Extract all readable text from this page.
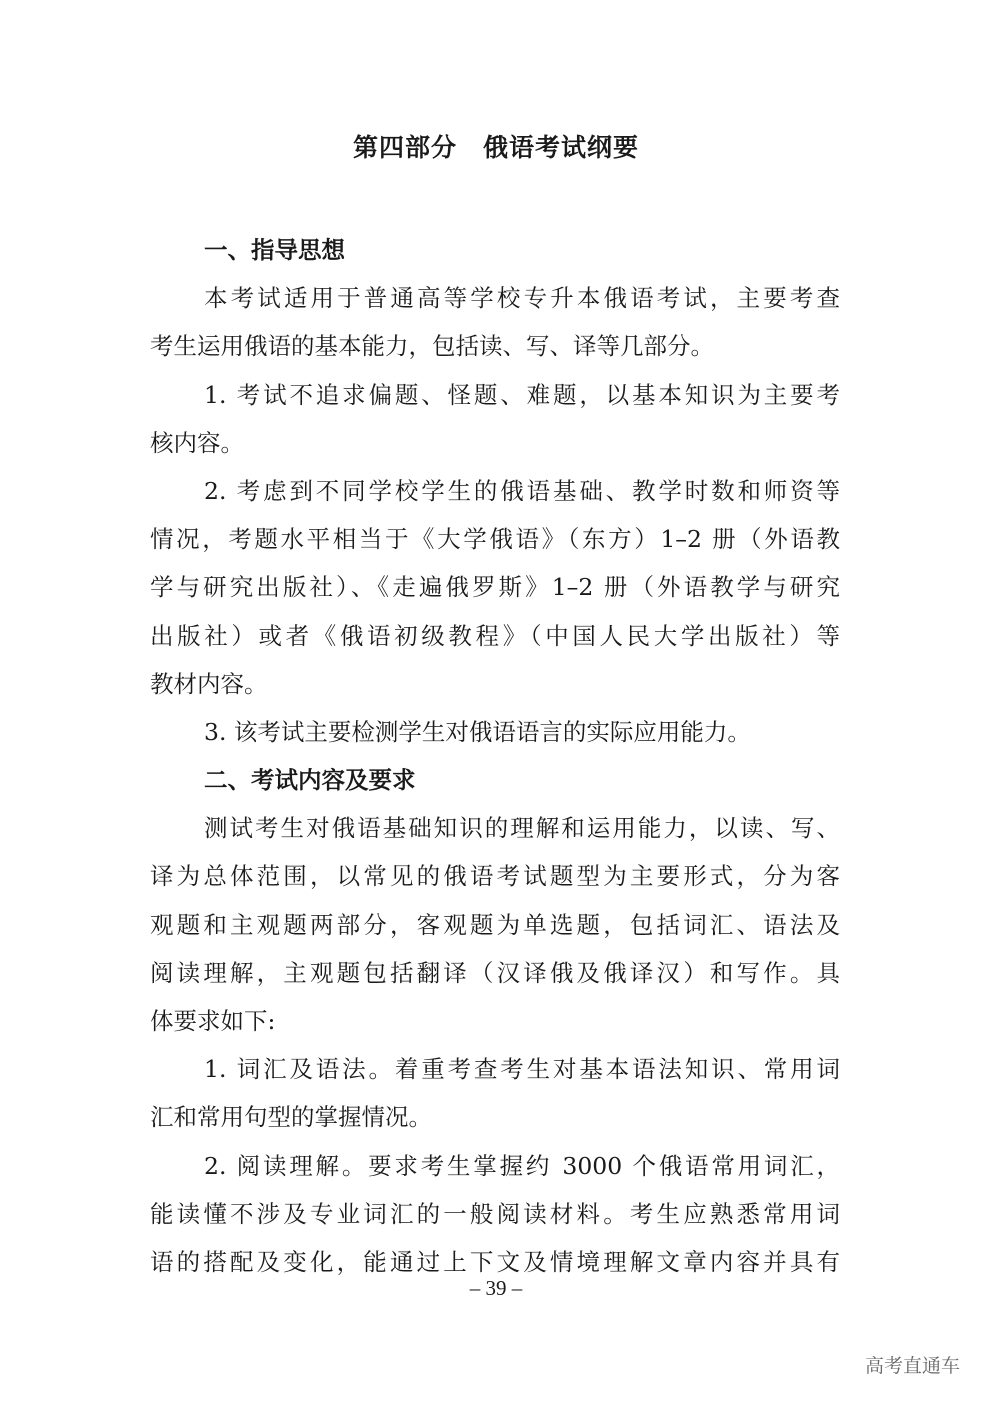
第四部分　俄语考试纲要
一、指导思想
本考试适用于普通高等学校专升本俄语考试，主要考查
考生运用俄语的基本能力，包括读、写、译等几部分。
1. 考试不追求偏题、怪题、难题，以基本知识为主要考
核内容。
2. 考虑到不同学校学生的俄语基础、教学时数和师资等
情况，考题水平相当于《大学俄语》（东方）1–2 册（外语教
学与研究出版社）、《走遍俄罗斯》1–2 册（外语教学与研究
出版社）或者《俄语初级教程》（中国人民大学出版社）等
教材内容。
3. 该考试主要检测学生对俄语语言的实际应用能力。
二、考试内容及要求
测试考生对俄语基础知识的理解和运用能力，以读、写、
译为总体范围，以常见的俄语考试题型为主要形式，分为客
观题和主观题两部分，客观题为单选题，包括词汇、语法及
阅读理解，主观题包括翻译（汉译俄及俄译汉）和写作。具
体要求如下:
1. 词汇及语法。着重考查考生对基本语法知识、常用词
汇和常用句型的掌握情况。
2. 阅读理解。要求考生掌握约 3000 个俄语常用词汇，
能读懂不涉及专业词汇的一般阅读材料。考生应熟悉常用词
语的搭配及变化，能通过上下文及情境理解文章内容并具有
– 39 –
高考直通车
